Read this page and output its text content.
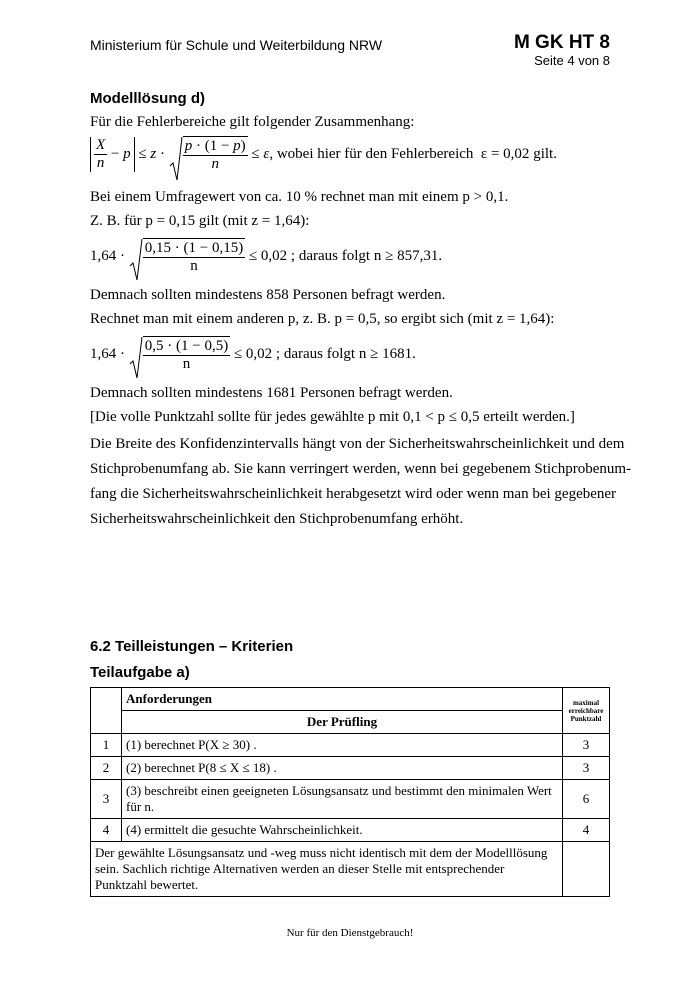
Ministerium für Schule und Weiterbildung NRW	M GK HT 8
Seite 4 von 8
Modelllösung d)
Für die Fehlerbereiche gilt folgender Zusammenhang:
$\frac{X}{n} - p \le z \cdot \frac{p \cdot (1 - p)}{n} \le \varepsilon$, wobei hier für den Fehlerbereich ε = 0,02 gilt.
Bei einem Umfragewert von ca. 10 % rechnet man mit einem p > 0,1.
Z. B. für p = 0,15 gilt (mit z = 1,64):
$1,64 \cdot \frac{0,15 \cdot (1 - 0,15)}{n} \le 0,02$ ; daraus folgt n ≥ 857,31.
Demnach sollten mindestens 858 Personen befragt werden.
Rechnet man mit einem anderen p, z. B. p = 0,5, so ergibt sich (mit z = 1,64):
$1,64 \cdot \frac{0,5 \cdot (1 - 0,5)}{n} \le 0,02$ ; daraus folgt n ≥ 1681.
Demnach sollten mindestens 1681 Personen befragt werden.
[Die volle Punktzahl sollte für jedes gewählte p mit 0,1 < p ≤ 0,5 erteilt werden.]
Die Breite des Konfidenzintervalls hängt von der Sicherheitswahrscheinlichkeit und dem
Stichprobenumfang ab. Sie kann verringert werden, wenn bei gegebenem Stichprobenum-
fang die Sicherheitswahrscheinlichkeit herabgesetzt wird oder wenn man bei gegebener
Sicherheitswahrscheinlichkeit den Stichprobenumfang erhöht.
6.2 Teilleistungen – Kriterien
Teilaufgabe a)
	Anforderungen	maximal
erreichbare
Punktzahl

	Der Prüfling	
1	(1) berechnet P(X ≥ 30) .	3
2	(2) berechnet P(8 ≤ X ≤ 18) .	3
3	(3) beschreibt einen geeigneten Lösungsansatz und bestimmt den minimalen Wert für n.	6
4	(4) ermittelt die gesuchte Wahrscheinlichkeit.	4
Der gewählte Lösungsansatz und -weg muss nicht identisch mit dem der Modelllösung sein. Sachlich richtige Alternativen werden an dieser Stelle mit entsprechender Punktzahl bewertet.		
Nur für den Dienstgebrauch!
